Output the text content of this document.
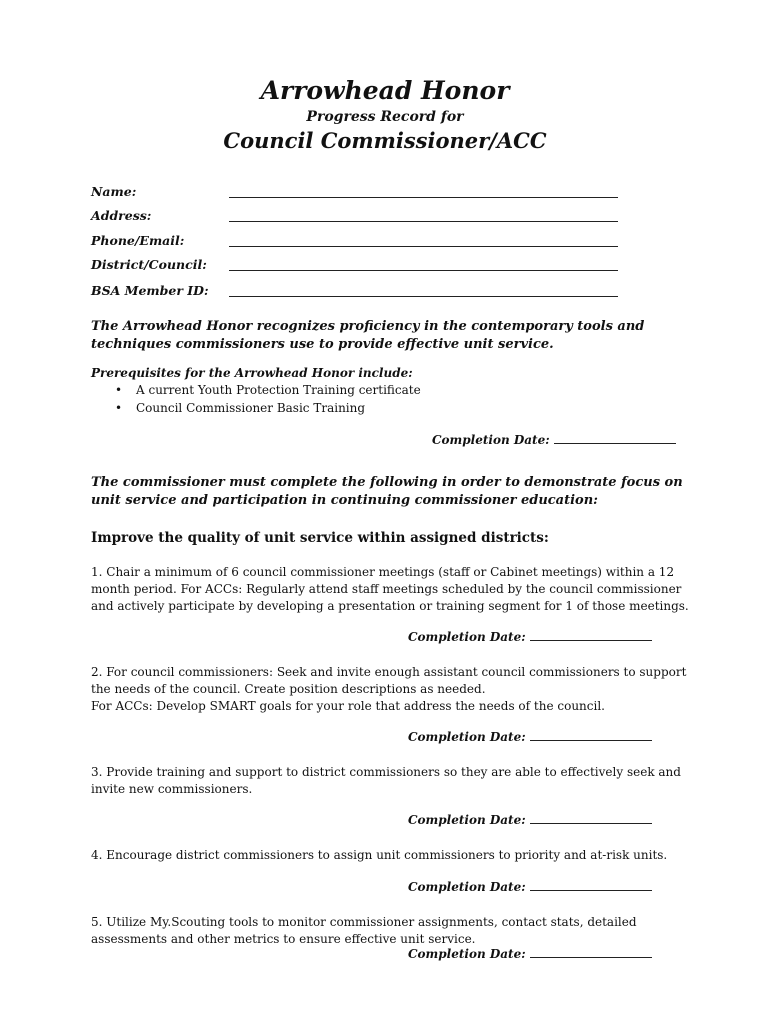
Arrowhead Honor
Progress Record for
Council Commissioner/ACC
Name:
Address:
Phone/Email:
District/Council:
BSA Member ID:
The Arrowhead Honor recognizes proficiency in the contemporary tools and techniques commissioners use to provide effective unit service.
Prerequisites for the Arrowhead Honor include:
• A current Youth Protection Training certificate
• Council Commissioner Basic Training
Completion Date:
The commissioner must complete the following in order to demonstrate focus on unit service and participation in continuing commissioner education:
Improve the quality of unit service within assigned districts:
1. Chair a minimum of 6 council commissioner meetings (staff or Cabinet meetings) within a 12 month period. For ACCs: Regularly attend staff meetings scheduled by the council commissioner and actively participate by developing a presentation or training segment for 1 of those meetings.
Completion Date:
2. For council commissioners: Seek and invite enough assistant council commissioners to support the needs of the council. Create position descriptions as needed.
For ACCs: Develop SMART goals for your role that address the needs of the council.
Completion Date:
3. Provide training and support to district commissioners so they are able to effectively seek and invite new commissioners.
Completion Date:
4. Encourage district commissioners to assign unit commissioners to priority and at-risk units.
Completion Date:
5. Utilize My.Scouting tools to monitor commissioner assignments, contact stats, detailed assessments and other metrics to ensure effective unit service.
Completion Date:
